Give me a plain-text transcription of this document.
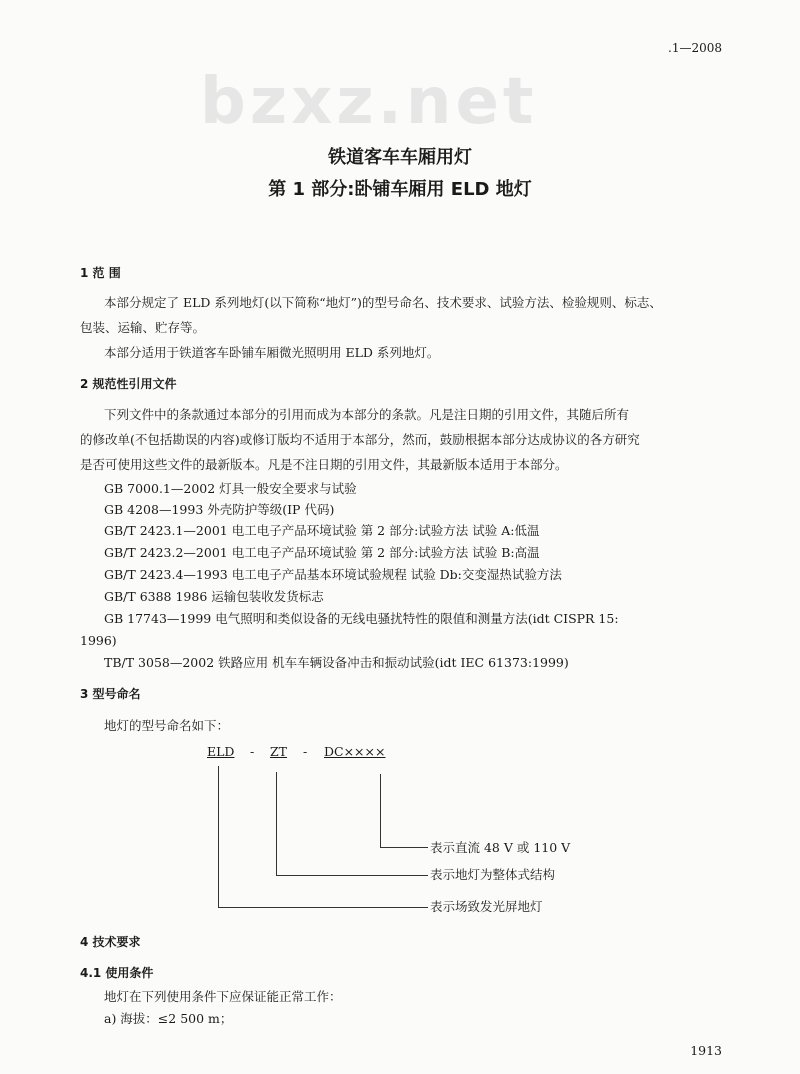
.1—2008
bzxz.net
铁道客车车厢用灯
第 1 部分:卧铺车厢用 ELD 地灯
1 范 围
本部分规定了 ELD 系列地灯(以下简称“地灯”)的型号命名、技术要求、试验方法、检验规则、标志、
包装、运输、贮存等。
本部分适用于铁道客车卧铺车厢微光照明用 ELD 系列地灯。
2 规范性引用文件
下列文件中的条款通过本部分的引用而成为本部分的条款。凡是注日期的引用文件，其随后所有
的修改单(不包括勘误的内容)或修订版均不适用于本部分，然而，鼓励根据本部分达成协议的各方研究
是否可使用这些文件的最新版本。凡是不注日期的引用文件，其最新版本适用于本部分。
GB 7000.1—2002 灯具一般安全要求与试验
GB 4208—1993 外壳防护等级(IP 代码)
GB/T 2423.1—2001 电工电子产品环境试验 第 2 部分:试验方法 试验 A:低温
GB/T 2423.2—2001 电工电子产品环境试验 第 2 部分:试验方法 试验 B:高温
GB/T 2423.4—1993 电工电子产品基本环境试验规程 试验 Db:交变湿热试验方法
GB/T 6388 1986 运输包装收发货标志
GB 17743—1999 电气照明和类似设备的无线电骚扰特性的限值和测量方法(idt CISPR 15:
1996)
TB/T 3058—2002 铁路应用 机车车辆设备冲击和振动试验(idt IEC 61373:1999)
3 型号命名
地灯的型号命名如下：
ELD - ZT - DC××××
表示直流 48 V 或 110 V
表示地灯为整体式结构
表示场致发光屏地灯
4 技术要求
4.1 使用条件
地灯在下列使用条件下应保证能正常工作：
a) 海拔：≤2 500 m；
1913
